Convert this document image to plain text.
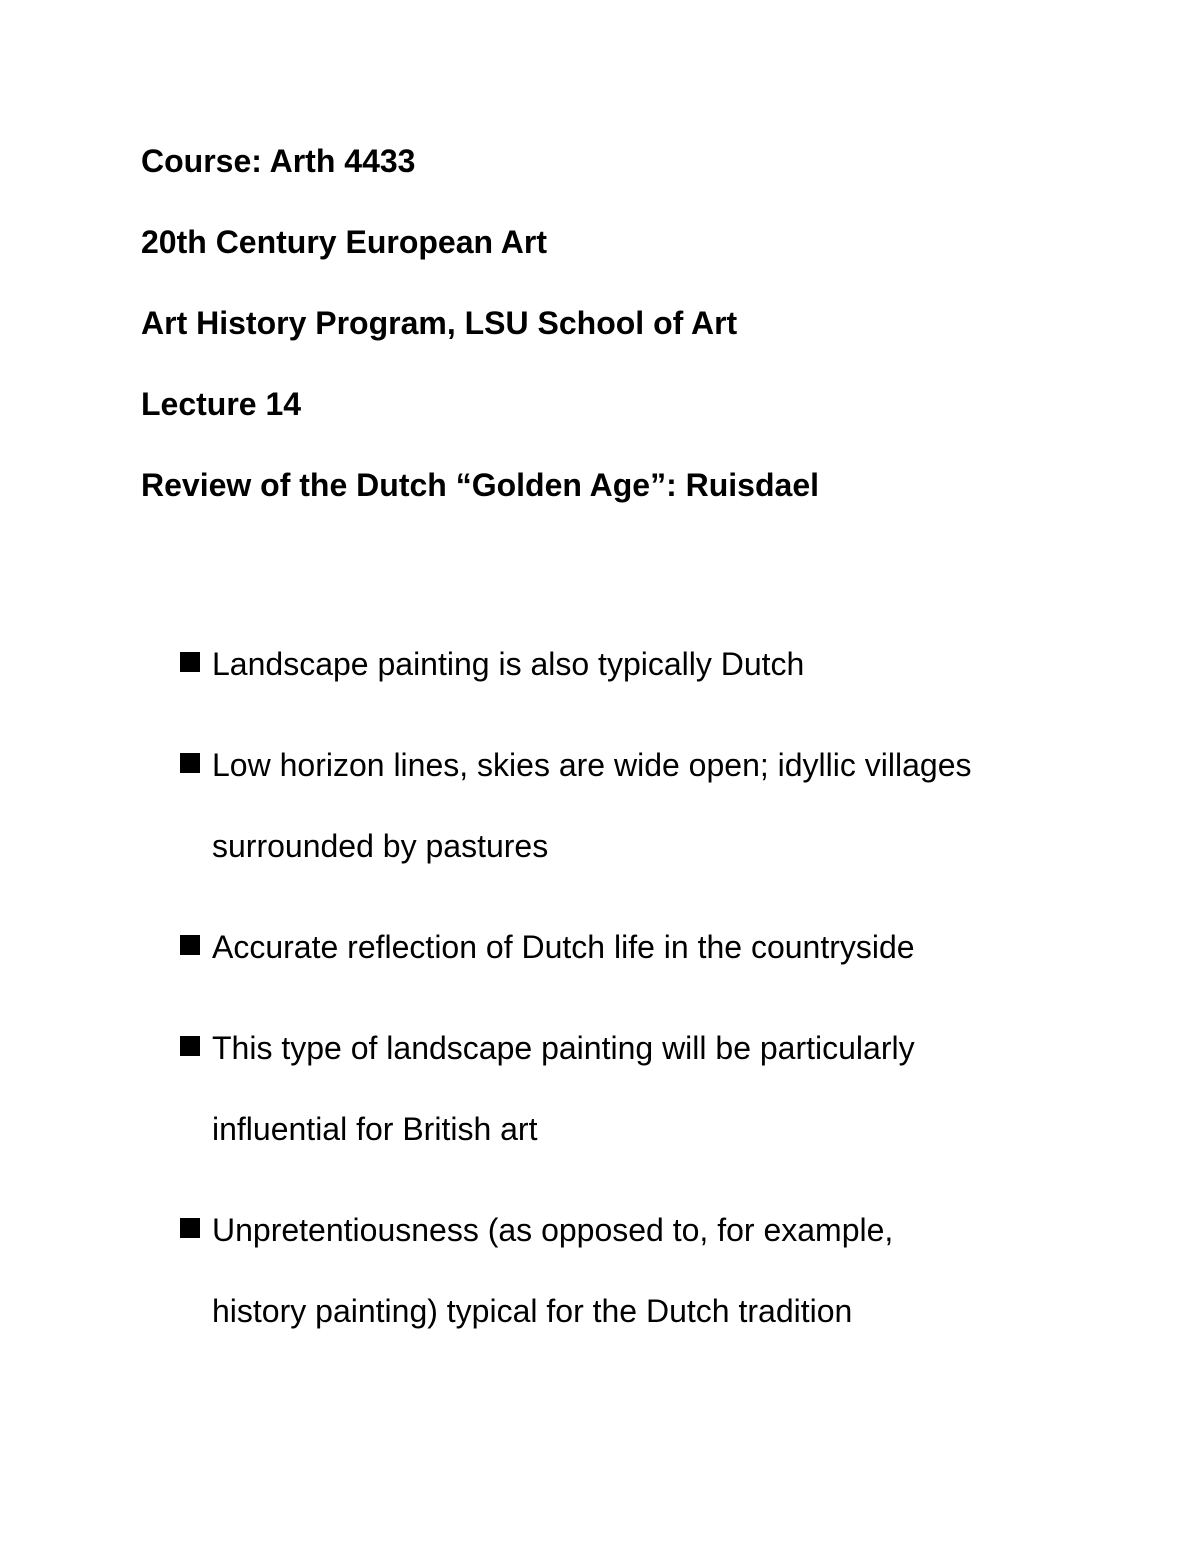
Course: Arth 4433

20th Century European Art

Art History Program, LSU School of Art

Lecture 14

Review of the Dutch “Golden Age”: Ruisdael

Landscape painting is also typically Dutch
Low horizon lines, skies are wide open; idyllic villages
surrounded by pastures
Accurate reflection of Dutch life in the countryside
This type of landscape painting will be particularly
influential for British art
Unpretentiousness (as opposed to, for example,
history painting) typical for the Dutch tradition
